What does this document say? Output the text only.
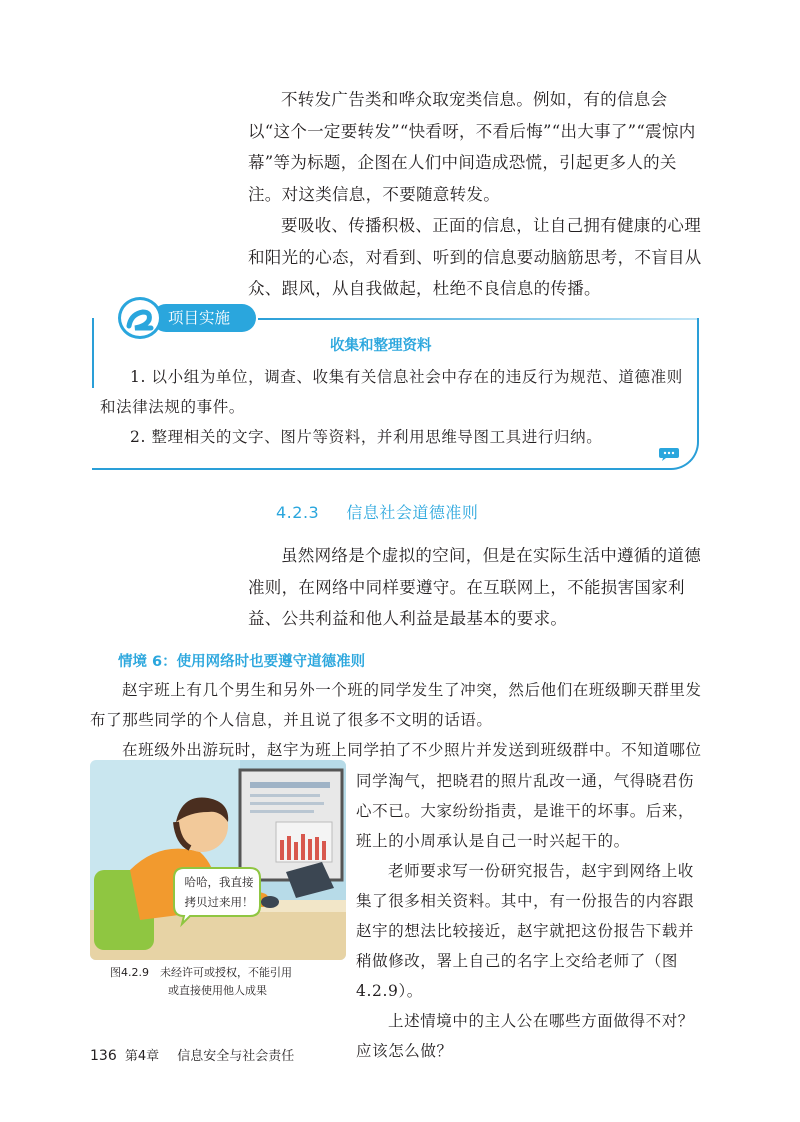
不转发广告类和哗众取宠类信息。例如，有的信息会以“这个一定要转发”“快看呀，不看后悔”“出大事了”“震惊内幕”等为标题，企图在人们中间造成恐慌，引起更多人的关注。对这类信息，不要随意转发。

要吸收、传播积极、正面的信息，让自己拥有健康的心理和阳光的心态，对看到、听到的信息要动脑筋思考，不盲目从众、跟风，从自我做起，杜绝不良信息的传播。

项目实施
收集和整理资料
1. 以小组为单位，调查、收集有关信息社会中存在的违反行为规范、道德准则和法律法规的事件。
2. 整理相关的文字、图片等资料，并利用思维导图工具进行归纳。
4.2.3 信息社会道德准则

虽然网络是个虚拟的空间，但是在实际生活中遵循的道德准则，在网络中同样要遵守。在互联网上，不能损害国家利益、公共利益和他人利益是最基本的要求。

情境 6：使用网络时也要遵守道德准则
赵宇班上有几个男生和另外一个班的同学发生了冲突，然后他们在班级聊天群里发布了那些同学的个人信息，并且说了很多不文明的话语。
在班级外出游玩时，赵宇为班上同学拍了不少照片并发送到班级群中。不知道哪位
同学淘气，把晓君的照片乱改一通，气得晓君伤心不已。大家纷纷指责，是谁干的坏事。后来，班上的小周承认是自己一时兴起干的。
老师要求写一份研究报告，赵宇到网络上收集了很多相关资料。其中，有一份报告的内容跟赵宇的想法比较接近，赵宇就把这份报告下载并稍做修改，署上自己的名字上交给老师了（图 4.2.9）。
上述情境中的主人公在哪些方面做得不对？应该怎么做？
哈哈，我直接拷贝过来用！
图4.2.9　未经许可或授权，不能引用
或直接使用他人成果
136 第4章 信息安全与社会责任
